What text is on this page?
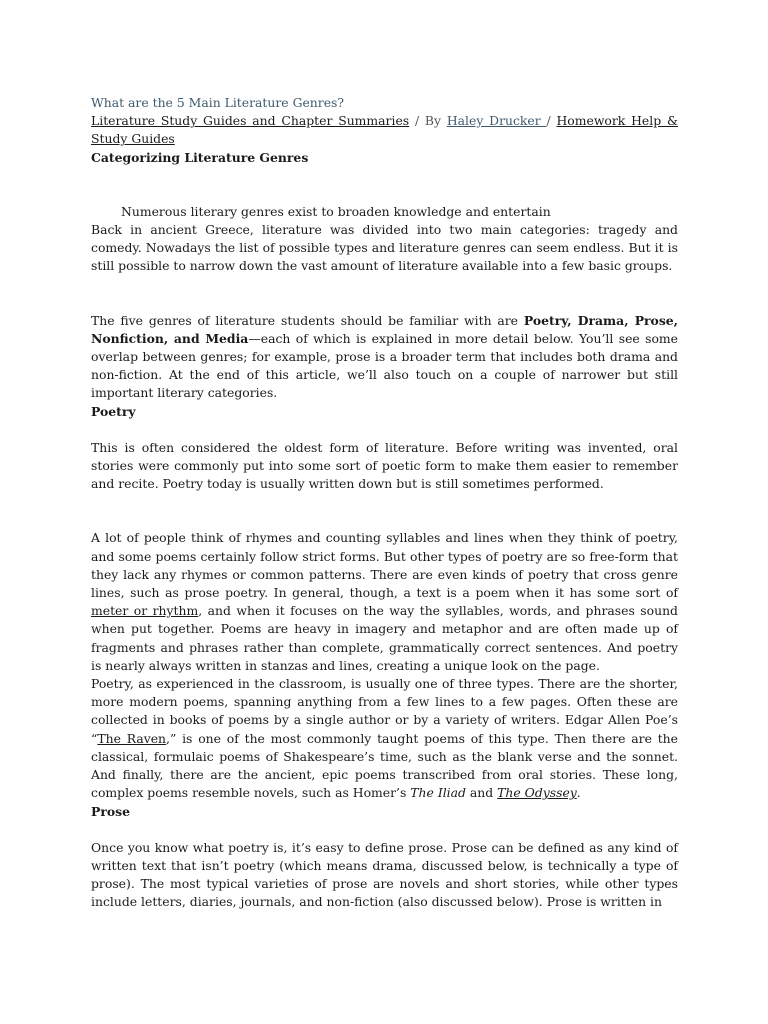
What are the 5 Main Literature Genres?
Literature Study Guides and Chapter Summaries / By Haley Drucker / Homework Help & Study Guides
Categorizing Literature Genres
Numerous literary genres exist to broaden knowledge and entertain

Back in ancient Greece, literature was divided into two main categories: tragedy and comedy. Nowadays the list of possible types and literature genres can seem endless. But it is still possible to narrow down the vast amount of literature available into a few basic groups.

The five genres of literature students should be familiar with are Poetry, Drama, Prose, Nonfiction, and Media—each of which is explained in more detail below. You’ll see some overlap between genres; for example, prose is a broader term that includes both drama and non-fiction. At the end of this article, we’ll also touch on a couple of narrower but still important literary categories.

Poetry

This is often considered the oldest form of literature. Before writing was invented, oral stories were commonly put into some sort of poetic form to make them easier to remember and recite. Poetry today is usually written down but is still sometimes performed.

A lot of people think of rhymes and counting syllables and lines when they think of poetry, and some poems certainly follow strict forms. But other types of poetry are so free-form that they lack any rhymes or common patterns. There are even kinds of poetry that cross genre lines, such as prose poetry. In general, though, a text is a poem when it has some sort of meter or rhythm, and when it focuses on the way the syllables, words, and phrases sound when put together. Poems are heavy in imagery and metaphor and are often made up of fragments and phrases rather than complete, grammatically correct sentences. And poetry is nearly always written in stanzas and lines, creating a unique look on the page.

Poetry, as experienced in the classroom, is usually one of three types. There are the shorter, more modern poems, spanning anything from a few lines to a few pages. Often these are collected in books of poems by a single author or by a variety of writers. Edgar Allen Poe’s “The Raven,” is one of the most commonly taught poems of this type. Then there are the classical, formulaic poems of Shakespeare’s time, such as the blank verse and the sonnet. And finally, there are the ancient, epic poems transcribed from oral stories. These long, complex poems resemble novels, such as Homer’s The Iliad and The Odyssey.

Prose

Once you know what poetry is, it’s easy to define prose. Prose can be defined as any kind of written text that isn’t poetry (which means drama, discussed below, is technically a type of prose). The most typical varieties of prose are novels and short stories, while other types include letters, diaries, journals, and non-fiction (also discussed below). Prose is written in
